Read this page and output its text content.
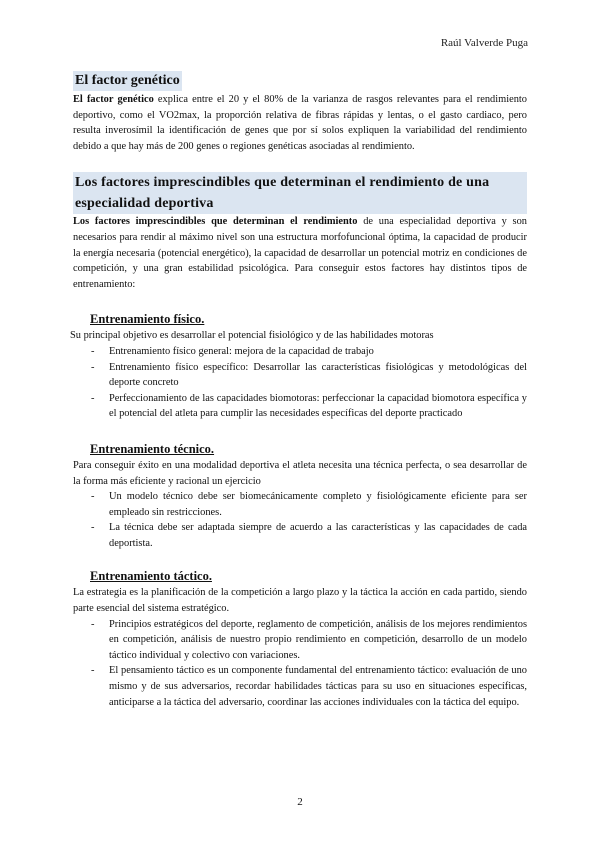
Raúl Valverde Puga
El factor genético

El factor genético explica entre el 20 y el 80% de la varianza de rasgos relevantes para el rendimiento deportivo, como el VO2max, la proporción relativa de fibras rápidas y lentas, o el gasto cardiaco, pero resulta inverosímil la identificación de genes que por sí solos expliquen la variabilidad del rendimiento debido a que hay más de 200 genes o regiones genéticas asociadas al rendimiento.

Los factores imprescindibles que determinan el rendimiento de una especialidad deportiva

Los factores imprescindibles que determinan el rendimiento de una especialidad deportiva y son necesarios para rendir al máximo nivel son una estructura morfofuncional óptima, la capacidad de producir la energía necesaria (potencial energético), la capacidad de desarrollar un potencial motriz en condiciones de competición, y una gran estabilidad psicológica. Para conseguir estos factores hay distintos tipos de entrenamiento:

Entrenamiento físico.

Su principal objetivo es desarrollar el potencial fisiológico y de las habilidades motoras

- Entrenamiento físico general: mejora de la capacidad de trabajo
- Entrenamiento físico específico: Desarrollar las características fisiológicas y metodológicas del deporte concreto
- Perfeccionamiento de las capacidades biomotoras: perfeccionar la capacidad biomotora específica y el potencial del atleta para cumplir las necesidades específicas del deporte practicado
Entrenamiento técnico.

Para conseguir éxito en una modalidad deportiva el atleta necesita una técnica perfecta, o sea desarrollar de la forma más eficiente y racional un ejercicio

- Un modelo técnico debe ser biomecánicamente completo y fisiológicamente eficiente para ser empleado sin restricciones.
- La técnica debe ser adaptada siempre de acuerdo a las características y las capacidades de cada deportista.
Entrenamiento táctico.

La estrategia es la planificación de la competición a largo plazo y la táctica la acción en cada partido, siendo parte esencial del sistema estratégico.

- Principios estratégicos del deporte, reglamento de competición, análisis de los mejores rendimientos en competición, análisis de nuestro propio rendimiento en competición, desarrollo de un modelo táctico individual y colectivo con variaciones.
- El pensamiento táctico es un componente fundamental del entrenamiento táctico: evaluación de uno mismo y de sus adversarios, recordar habilidades tácticas para su uso en situaciones específicas, anticiparse a la táctica del adversario, coordinar las acciones individuales con la táctica del equipo.
2
